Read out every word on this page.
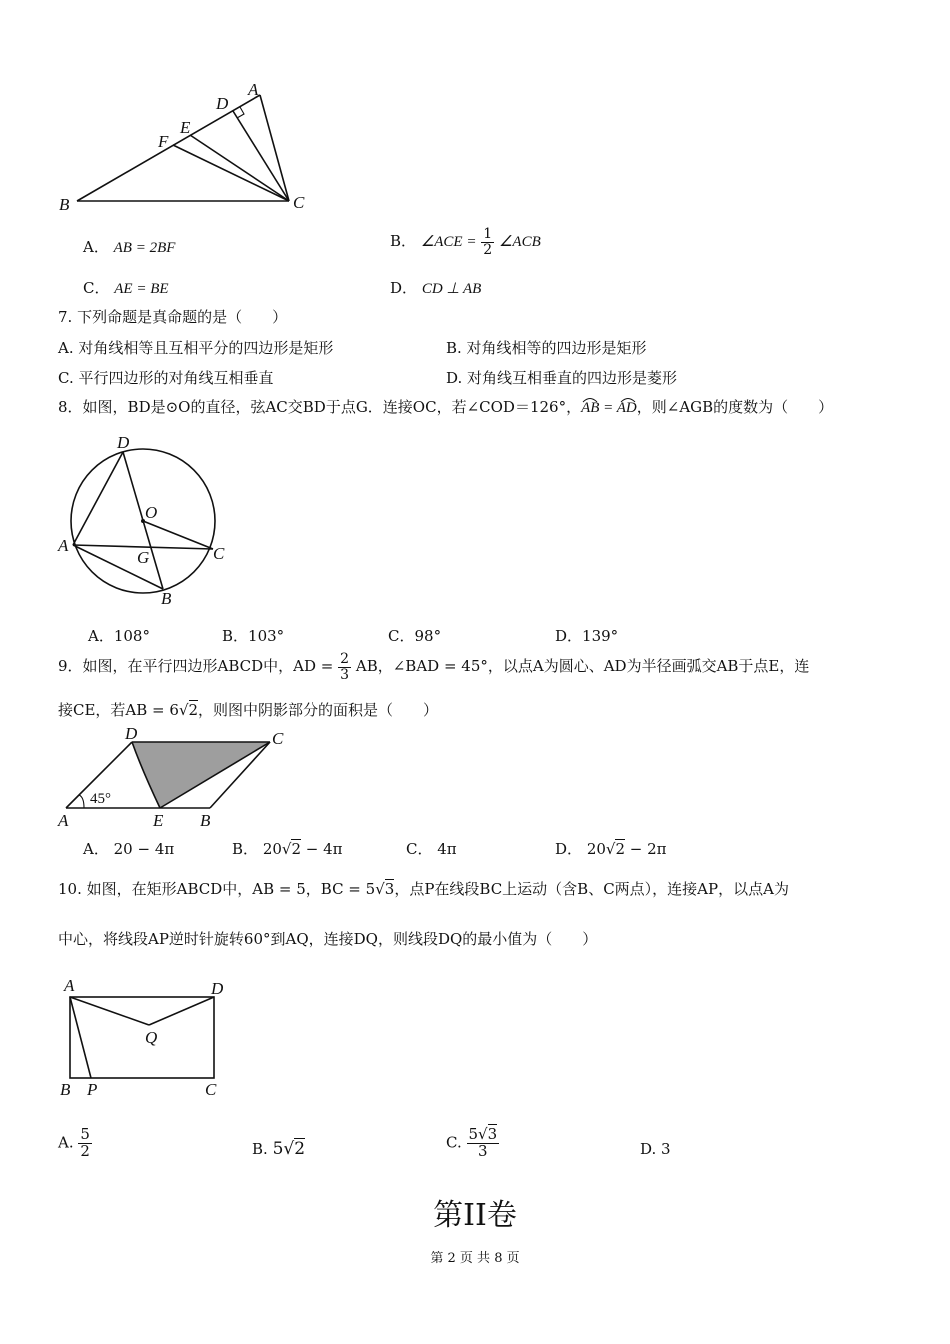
A
D
E
F
B	C
A． AB = 2BF	B． ∠ACE = $\frac{1}{2}$ ∠ACB
C． AE = BE	D． CD ⊥ AB
7. 下列命题是真命题的是（　　）
A. 对角线相等且互相平分的四边形是矩形	B. 对角线相等的四边形是矩形
C. 平行四边形的对角线互相垂直	D. 对角线互相垂直的四边形是菱形
8．如图，BD是⊙O的直径，弦AC交BD于点G．连接OC，若∠COD＝126°，AB = AD
，则∠AGB的度数为（　　）
D
O
A
G	C
B
A．108°	B．103°	C．98°	D．139°
9．如图，在平行四边形ABCD中，AD = $\frac{2}{3}$ AB，∠BAD = 45°，以点A为圆心、AD为半径画弧交AB于点E，连
接CE，若AB = 6√2，则图中阴影部分的面积是（　　）
D	C
A	E B
45°
A． 20 − 4π	B． 20√2 − 4π	C． 4π	D． 20√2 − 2π
10. 如图，在矩形ABCD中，AB = 5，BC = 5√3，点P在线段BC上运动（含B、C两点），连接AP，以点A为
中心，将线段AP逆时针旋转60°到AQ，连接DQ，则线段DQ的最小值为（　　）
A	D
Q
B P	C
A. $\frac{5}{2}$	B. 5√2	C. $\frac{5√3}{3}$	D. 3
第II卷
第 2 页 共 8 页
